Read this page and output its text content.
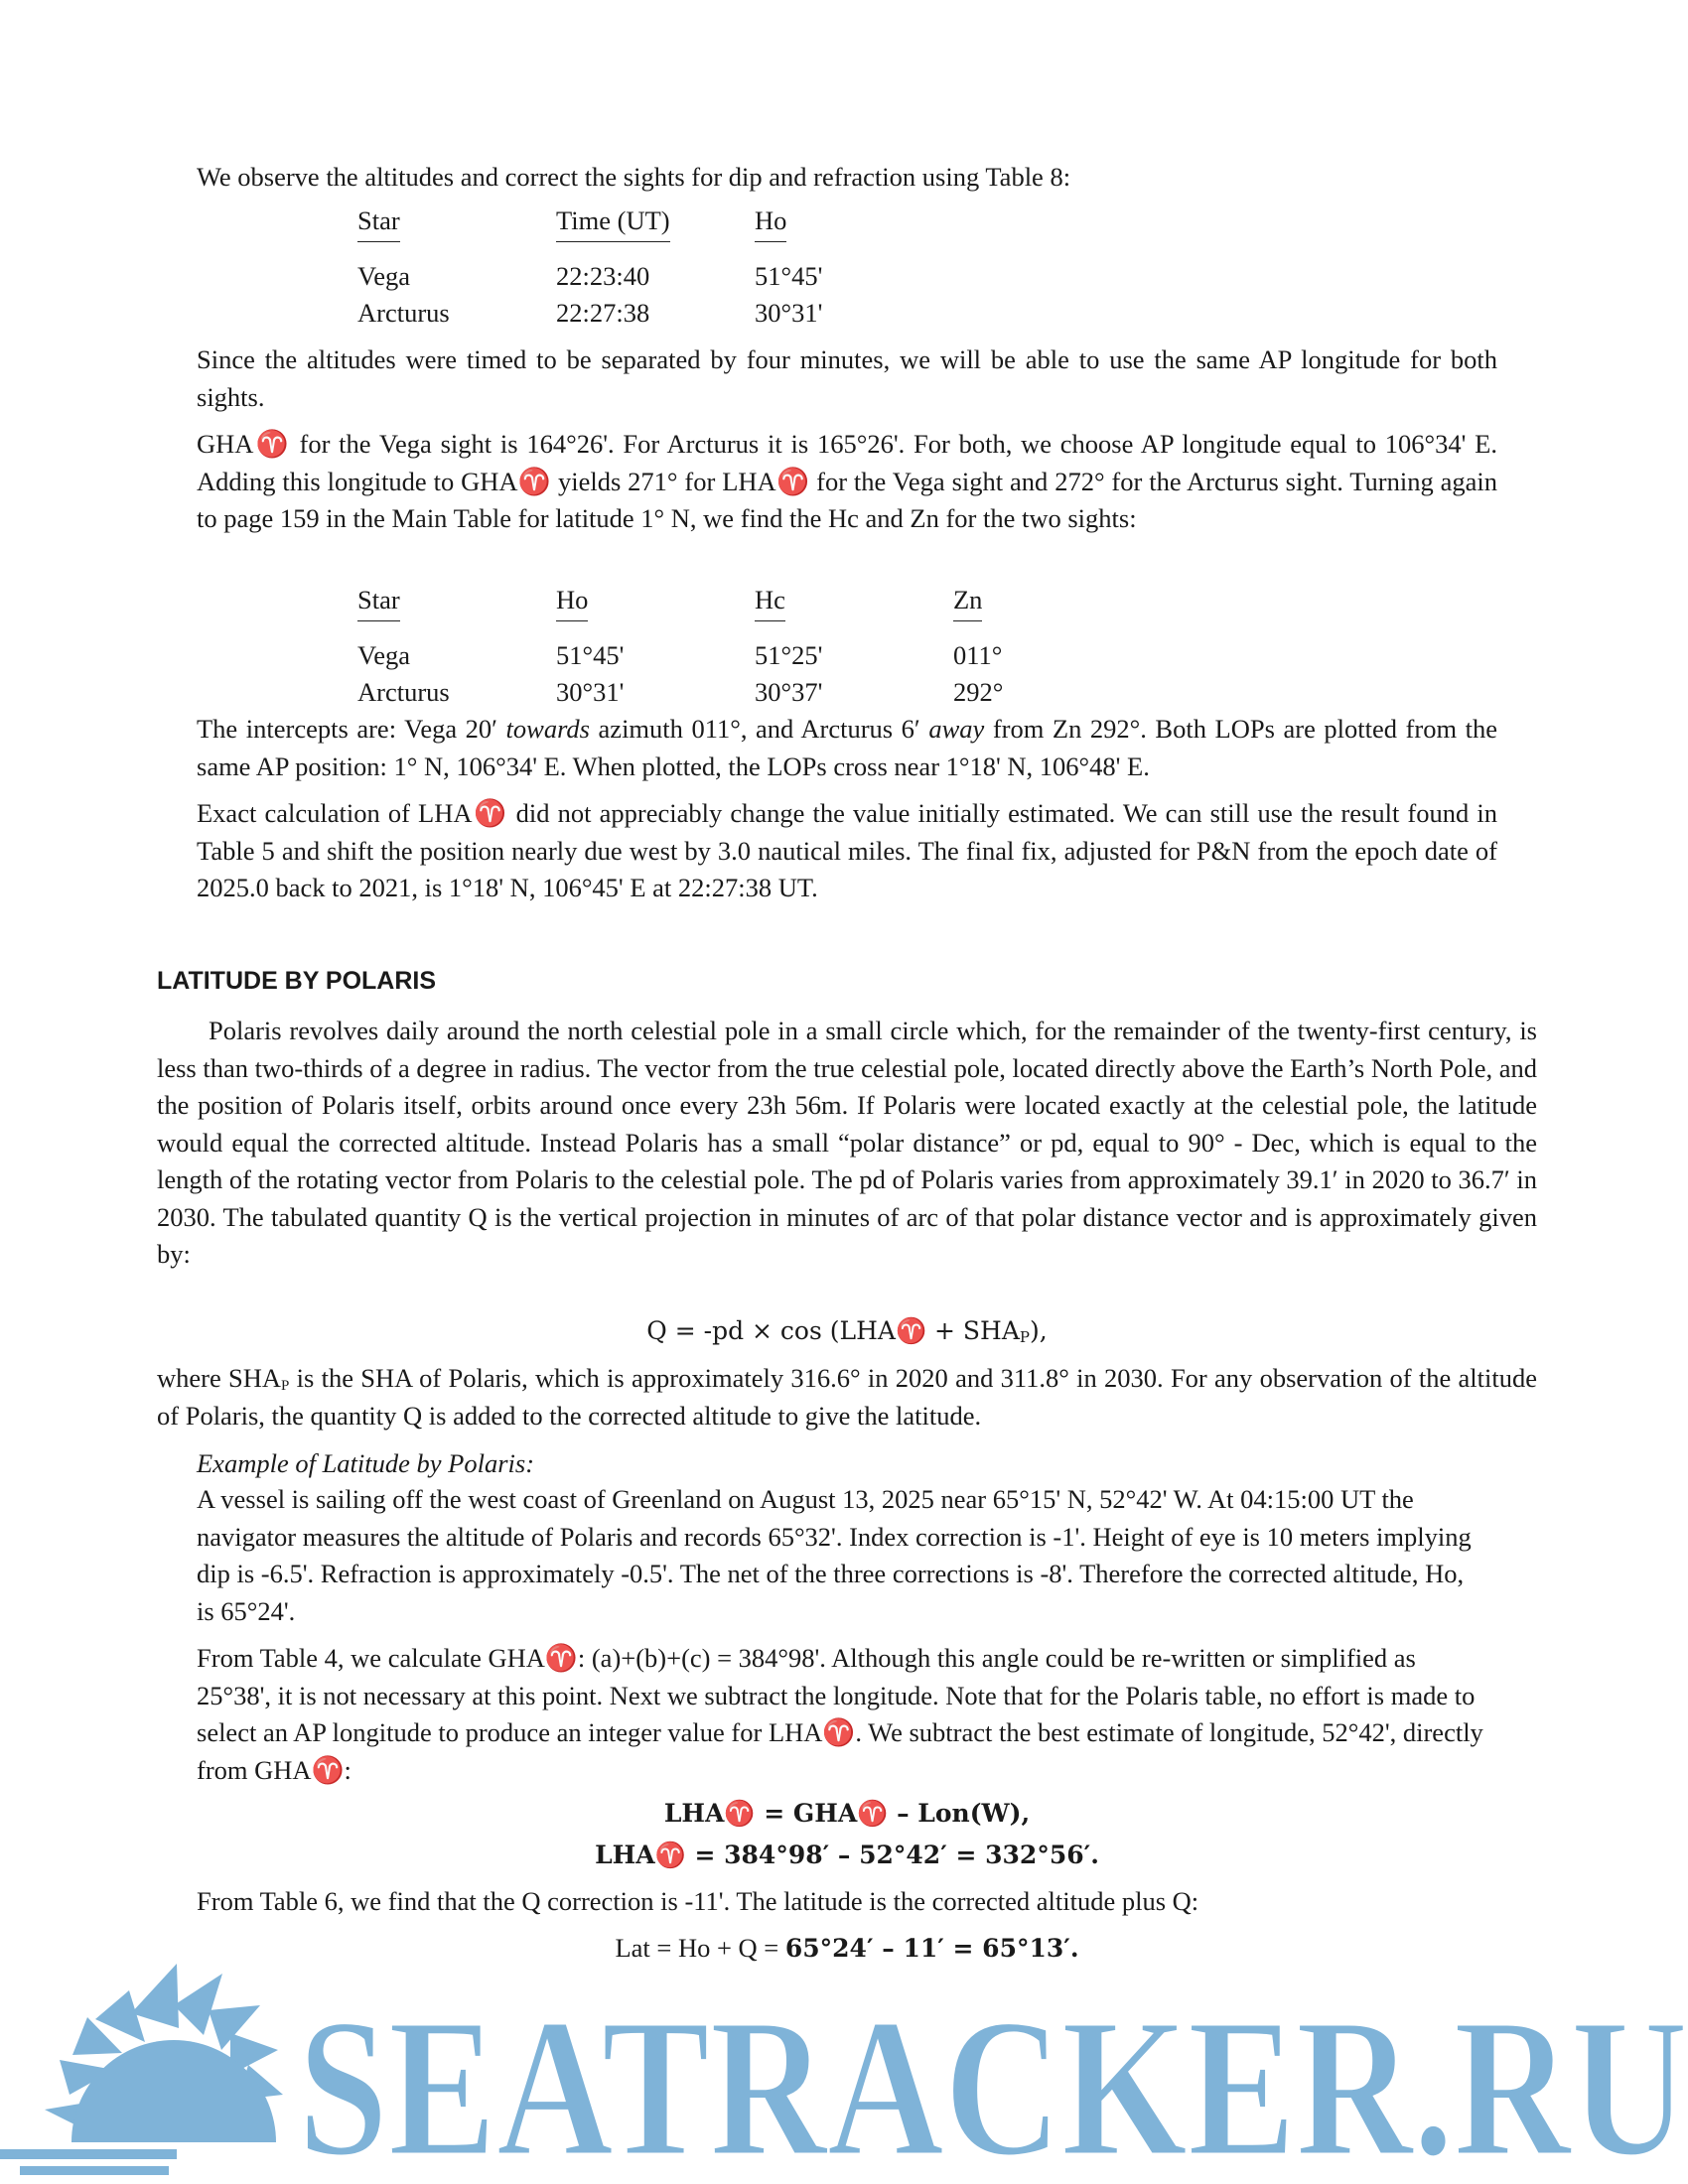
We observe the altitudes and correct the sights for dip and refraction using Table 8:

Star	Time (UT)	Ho
Vega	22:23:40	51°45'
Arcturus	22:27:38	30°31'

Since the altitudes were timed to be separated by four minutes, we will be able to use the same AP longitude for both sights.

GHA♈ for the Vega sight is 164°26'. For Arcturus it is 165°26'. For both, we choose AP longitude equal to 106°34' E. Adding this longitude to GHA♈ yields 271° for LHA♈ for the Vega sight and 272° for the Arcturus sight. Turning again to page 159 in the Main Table for latitude 1° N, we find the Hc and Zn for the two sights:

Star	Ho	Hc	Zn
Vega	51°45'	51°25'	011°
Arcturus	30°31'	30°37'	292°

The intercepts are: Vega 20′ towards azimuth 011°, and Arcturus 6′ away from Zn 292°. Both LOPs are plotted from the same AP position: 1° N, 106°34' E. When plotted, the LOPs cross near 1°18' N, 106°48' E.

Exact calculation of LHA♈ did not appreciably change the value initially estimated. We can still use the result found in Table 5 and shift the position nearly due west by 3.0 nautical miles. The final fix, adjusted for P&N from the epoch date of 2025.0 back to 2021, is 1°18' N, 106°45' E at 22:27:38 UT.

LATITUDE BY POLARIS

Polaris revolves daily around the north celestial pole in a small circle which, for the remainder of the twenty-first century, is less than two-thirds of a degree in radius. The vector from the true celestial pole, located directly above the Earth’s North Pole, and the position of Polaris itself, orbits around once every 23h 56m. If Polaris were located exactly at the celestial pole, the latitude would equal the corrected altitude. Instead Polaris has a small “polar distance” or pd, equal to 90° - Dec, which is equal to the length of the rotating vector from Polaris to the celestial pole. The pd of Polaris varies from approximately 39.1′ in 2020 to 36.7′ in 2030. The tabulated quantity Q is the vertical projection in minutes of arc of that polar distance vector and is approximately given by:

Q = -pd × cos (LHA♈ + $SHA_P$),

where $SHA_P$ is the SHA of Polaris, which is approximately 316.6° in 2020 and 311.8° in 2030. For any observation of the altitude of Polaris, the quantity Q is added to the corrected altitude to give the latitude.

Example of Latitude by Polaris:

A vessel is sailing off the west coast of Greenland on August 13, 2025 near 65°15' N, 52°42' W. At 04:15:00 UT the navigator measures the altitude of Polaris and records 65°32'. Index correction is -1'. Height of eye is 10 meters implying dip is -6.5'. Refraction is approximately -0.5'. The net of the three corrections is -8'. Therefore the corrected altitude, Ho, is 65°24'.

From Table 4, we calculate GHA♈: (a)+(b)+(c) = 384°98'. Although this angle could be re-written or simplified as 25°38', it is not necessary at this point. Next we subtract the longitude. Note that for the Polaris table, no effort is made to select an AP longitude to produce an integer value for LHA♈. We subtract the best estimate of longitude, 52°42', directly from GHA♈:

LHA♈ = GHA♈ – Lon(W),
LHA♈ = 384°98′ – 52°42′ = 332°56′.

From Table 6, we find that the Q correction is -11'. The latitude is the corrected altitude plus Q:

Lat = Ho + Q = 65°24′ – 11′ = 65°13′.
SEATRACKER.RU
